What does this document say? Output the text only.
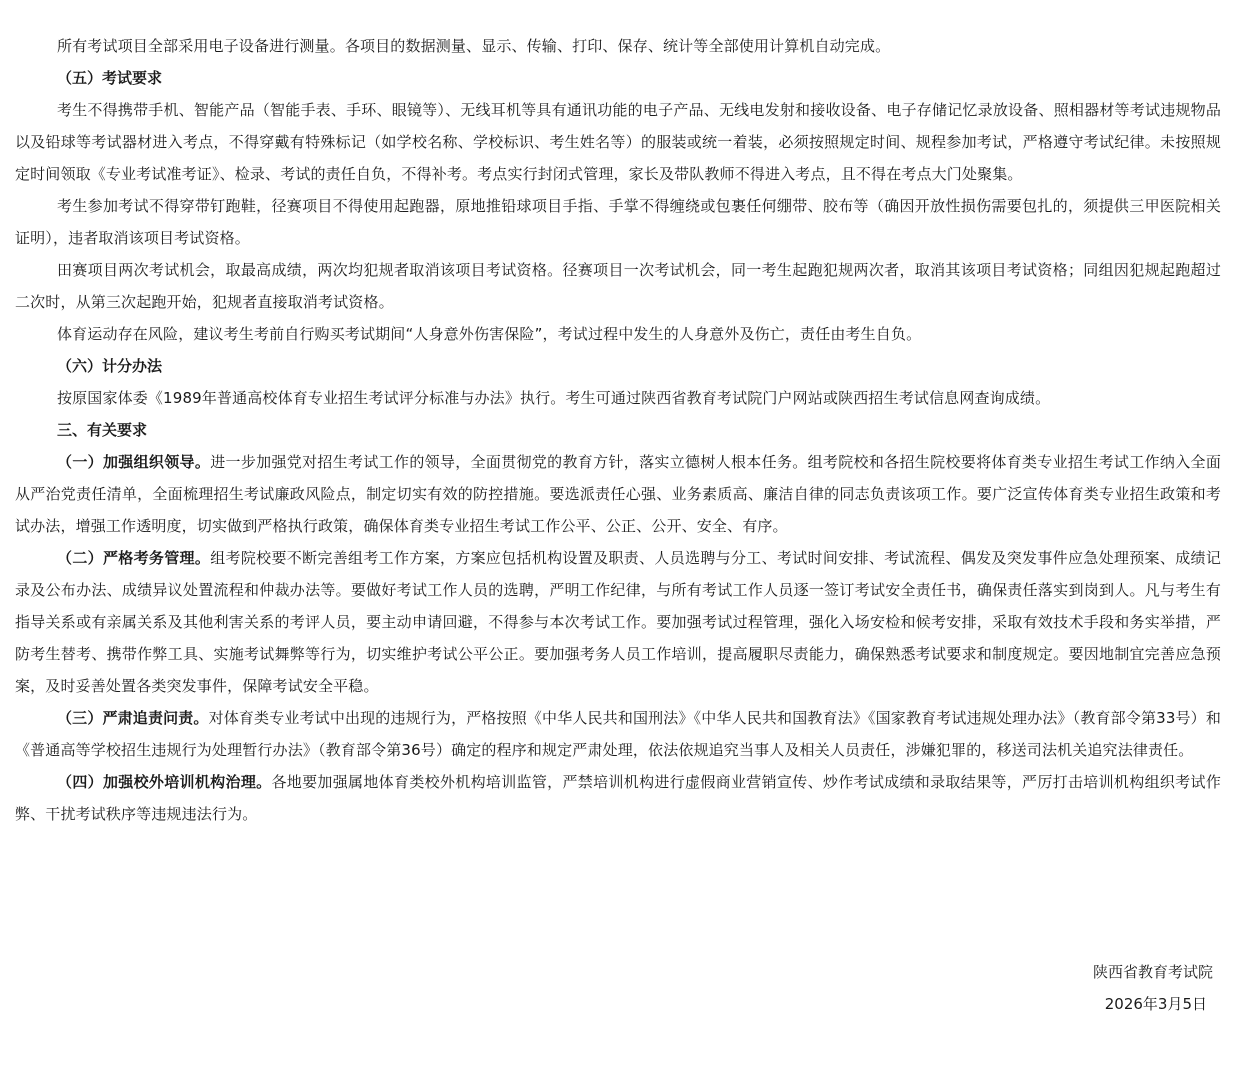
所有考试项目全部采用电子设备进行测量。各项目的数据测量、显示、传输、打印、保存、统计等全部使用计算机自动完成。

（五）考试要求

考生不得携带手机、智能产品（智能手表、手环、眼镜等）、无线耳机等具有通讯功能的电子产品、无线电发射和接收设备、电子存储记忆录放设备、照相器材等考试违规物品以及铅球等考试器材进入考点，不得穿戴有特殊标记（如学校名称、学校标识、考生姓名等）的服装或统一着装，必须按照规定时间、规程参加考试，严格遵守考试纪律。未按照规定时间领取《专业考试准考证》、检录、考试的责任自负，不得补考。考点实行封闭式管理，家长及带队教师不得进入考点，且不得在考点大门处聚集。

考生参加考试不得穿带钉跑鞋，径赛项目不得使用起跑器，原地推铅球项目手指、手掌不得缠绕或包裹任何绷带、胶布等（确因开放性损伤需要包扎的，须提供三甲医院相关证明），违者取消该项目考试资格。

田赛项目两次考试机会，取最高成绩，两次均犯规者取消该项目考试资格。径赛项目一次考试机会，同一考生起跑犯规两次者，取消其该项目考试资格；同组因犯规起跑超过二次时，从第三次起跑开始，犯规者直接取消考试资格。

体育运动存在风险，建议考生考前自行购买考试期间“人身意外伤害保险”，考试过程中发生的人身意外及伤亡，责任由考生自负。

（六）计分办法

按原国家体委《1989年普通高校体育专业招生考试评分标准与办法》执行。考生可通过陕西省教育考试院门户网站或陕西招生考试信息网查询成绩。

三、有关要求

（一）加强组织领导。进一步加强党对招生考试工作的领导，全面贯彻党的教育方针，落实立德树人根本任务。组考院校和各招生院校要将体育类专业招生考试工作纳入全面从严治党责任清单，全面梳理招生考试廉政风险点，制定切实有效的防控措施。要选派责任心强、业务素质高、廉洁自律的同志负责该项工作。要广泛宣传体育类专业招生政策和考试办法，增强工作透明度，切实做到严格执行政策，确保体育类专业招生考试工作公平、公正、公开、安全、有序。

（二）严格考务管理。组考院校要不断完善组考工作方案，方案应包括机构设置及职责、人员选聘与分工、考试时间安排、考试流程、偶发及突发事件应急处理预案、成绩记录及公布办法、成绩异议处置流程和仲裁办法等。要做好考试工作人员的选聘，严明工作纪律，与所有考试工作人员逐一签订考试安全责任书，确保责任落实到岗到人。凡与考生有指导关系或有亲属关系及其他利害关系的考评人员，要主动申请回避，不得参与本次考试工作。要加强考试过程管理，强化入场安检和候考安排，采取有效技术手段和务实举措，严防考生替考、携带作弊工具、实施考试舞弊等行为，切实维护考试公平公正。要加强考务人员工作培训，提高履职尽责能力，确保熟悉考试要求和制度规定。要因地制宜完善应急预案，及时妥善处置各类突发事件，保障考试安全平稳。

（三）严肃追责问责。对体育类专业考试中出现的违规行为，严格按照《中华人民共和国刑法》《中华人民共和国教育法》《国家教育考试违规处理办法》（教育部令第33号）和《普通高等学校招生违规行为处理暂行办法》（教育部令第36号）确定的程序和规定严肃处理，依法依规追究当事人及相关人员责任，涉嫌犯罪的，移送司法机关追究法律责任。

（四）加强校外培训机构治理。各地要加强属地体育类校外机构培训监管，严禁培训机构进行虚假商业营销宣传、炒作考试成绩和录取结果等，严厉打击培训机构组织考试作弊、干扰考试秩序等违规违法行为。

陕西省教育考试院
2026年3月5日
